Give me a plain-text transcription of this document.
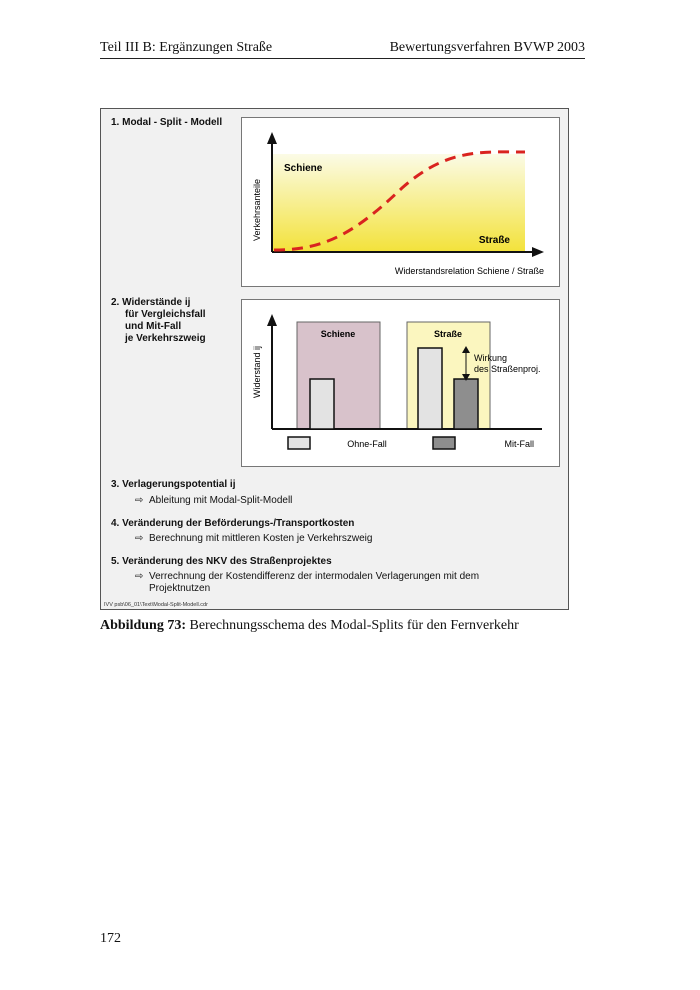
Teil III B: Ergänzungen Straße	Bewertungsverfahren BVWP 2003
1. Modal - Split - Modell
Verkehrsanteile
Schiene
Straße
Widerstandsrelation Schiene / Straße
2. Widerstände ij
für Vergleichsfall
und Mit-Fall
je Verkehrszweig
Widerstand ij
Schiene	Straße
Wirkung
des Straßenproj.
Ohne-Fall	Mit-Fall
3. Verlagerungspotential ij
⇨ Ableitung mit Modal-Split-Modell
4. Veränderung der Beförderungs-/Transportkosten
⇨ Berechnung mit mittleren Kosten je Verkehrszweig
5. Veränderung des NKV des Straßenprojektes
⇨ Verrechnung der Kostendifferenz der intermodalen Verlagerungen mit dem
Projektnutzen
IVV psb\06_01\Text\Modal-Split-Modell.cdr
Abbildung 73: Berechnungsschema des Modal-Splits für den Fernverkehr
172
